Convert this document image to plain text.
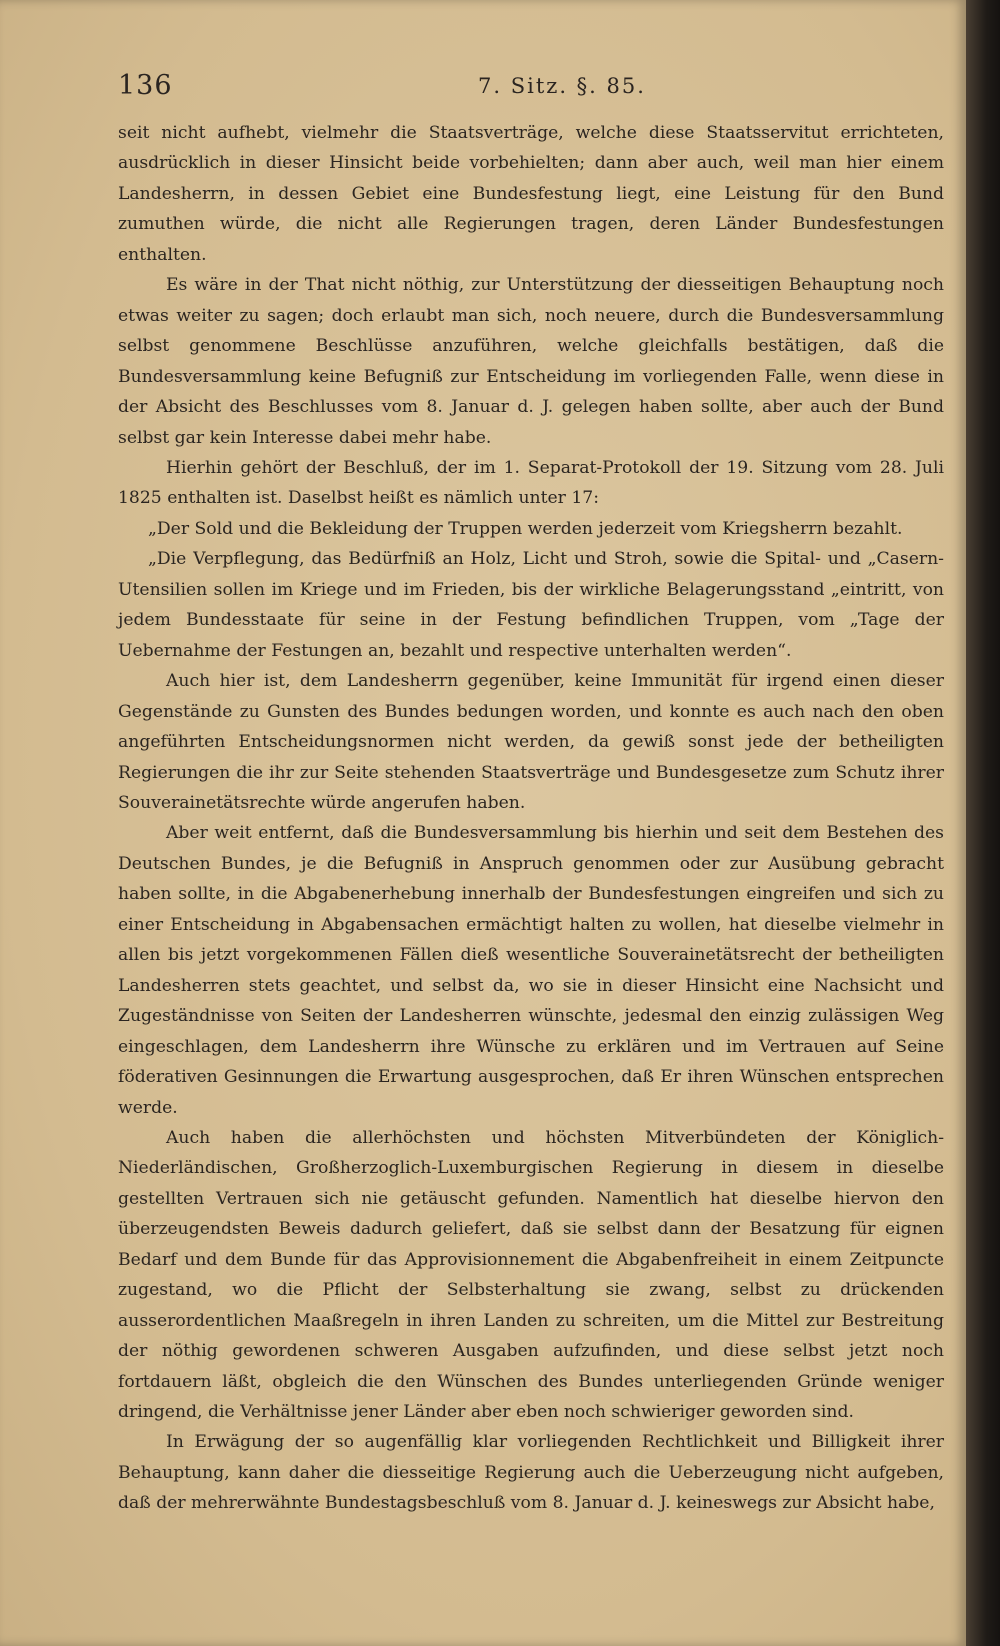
136	7. Sitz. §. 85.

seit nicht aufhebt, vielmehr die Staatsverträge, welche diese Staatsservitut errichteten, ausdrücklich in dieser Hinsicht beide vorbehielten; dann aber auch, weil man hier einem Landesherrn, in dessen Gebiet eine Bundesfestung liegt, eine Leistung für den Bund zumuthen würde, die nicht alle Regierungen tragen, deren Länder Bundesfestungen enthalten.

Es wäre in der That nicht nöthig, zur Unterstützung der diesseitigen Behauptung noch etwas weiter zu sagen; doch erlaubt man sich, noch neuere, durch die Bundesversammlung selbst genommene Beschlüsse anzuführen, welche gleichfalls bestätigen, daß die Bundesversammlung keine Befugniß zur Entscheidung im vorliegenden Falle, wenn diese in der Absicht des Beschlusses vom 8. Januar d. J. gelegen haben sollte, aber auch der Bund selbst gar kein Interesse dabei mehr habe.

Hierhin gehört der Beschluß, der im 1. Separat-Protokoll der 19. Sitzung vom 28. Juli 1825 enthalten ist. Daselbst heißt es nämlich unter 17:

„Der Sold und die Bekleidung der Truppen werden jederzeit vom Kriegsherrn bezahlt.

„Die Verpflegung, das Bedürfniß an Holz, Licht und Stroh, sowie die Spital- und „Casern-Utensilien sollen im Kriege und im Frieden, bis der wirkliche Belagerungsstand „eintritt, von jedem Bundesstaate für seine in der Festung befindlichen Truppen, vom „Tage der Uebernahme der Festungen an, bezahlt und respective unterhalten werden“.

Auch hier ist, dem Landesherrn gegenüber, keine Immunität für irgend einen dieser Gegenstände zu Gunsten des Bundes bedungen worden, und konnte es auch nach den oben angeführten Entscheidungsnormen nicht werden, da gewiß sonst jede der betheiligten Regierungen die ihr zur Seite stehenden Staatsverträge und Bundesgesetze zum Schutz ihrer Souverainetätsrechte würde angerufen haben.

Aber weit entfernt, daß die Bundesversammlung bis hierhin und seit dem Bestehen des Deutschen Bundes, je die Befugniß in Anspruch genommen oder zur Ausübung gebracht haben sollte, in die Abgabenerhebung innerhalb der Bundesfestungen eingreifen und sich zu einer Entscheidung in Abgabensachen ermächtigt halten zu wollen, hat dieselbe vielmehr in allen bis jetzt vorgekommenen Fällen dieß wesentliche Souverainetätsrecht der betheiligten Landesherren stets geachtet, und selbst da, wo sie in dieser Hinsicht eine Nachsicht und Zugeständnisse von Seiten der Landesherren wünschte, jedesmal den einzig zulässigen Weg eingeschlagen, dem Landesherrn ihre Wünsche zu erklären und im Vertrauen auf Seine föderativen Gesinnungen die Erwartung ausgesprochen, daß Er ihren Wünschen entsprechen werde.

Auch haben die allerhöchsten und höchsten Mitverbündeten der Königlich-Niederländischen, Großherzoglich-Luxemburgischen Regierung in diesem in dieselbe gestellten Vertrauen sich nie getäuscht gefunden. Namentlich hat dieselbe hiervon den überzeugendsten Beweis dadurch geliefert, daß sie selbst dann der Besatzung für eignen Bedarf und dem Bunde für das Approvisionnement die Abgabenfreiheit in einem Zeitpuncte zugestand, wo die Pflicht der Selbsterhaltung sie zwang, selbst zu drückenden ausserordentlichen Maaßregeln in ihren Landen zu schreiten, um die Mittel zur Bestreitung der nöthig gewordenen schweren Ausgaben aufzufinden, und diese selbst jetzt noch fortdauern läßt, obgleich die den Wünschen des Bundes unterliegenden Gründe weniger dringend, die Verhältnisse jener Länder aber eben noch schwieriger geworden sind.

In Erwägung der so augenfällig klar vorliegenden Rechtlichkeit und Billigkeit ihrer Behauptung, kann daher die diesseitige Regierung auch die Ueberzeugung nicht aufgeben, daß der mehrerwähnte Bundestagsbeschluß vom 8. Januar d. J. keineswegs zur Absicht habe,
